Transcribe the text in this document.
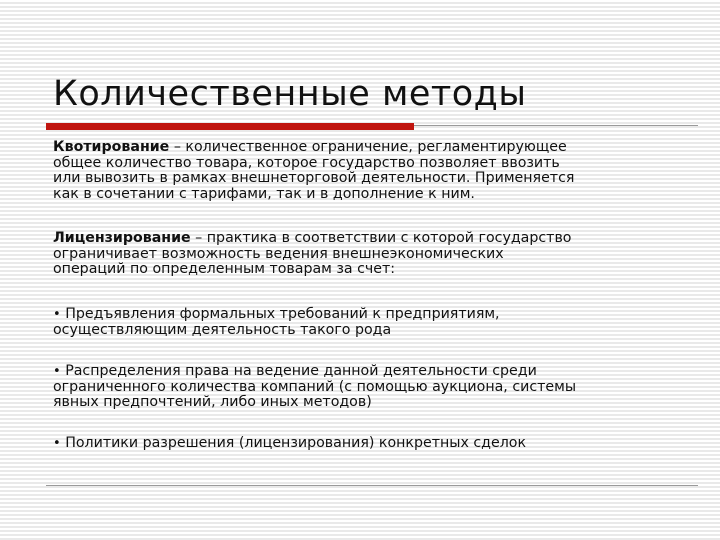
Количественные методы

Квотирование – количественное ограничение, регламентирующее
общее количество товара, которое государство позволяет ввозить
или вывозить в рамках внешнеторговой деятельности. Применяется
как в сочетании с тарифами, так и в дополнение к ним.

Лицензирование – практика в соответствии с которой государство
ограничивает возможность ведения внешнеэкономических
операций по определенным товарам за счет:

• Предъявления формальных требований к предприятиям,
осуществляющим деятельность такого рода

• Распределения права на ведение данной деятельности среди
ограниченного количества компаний (с помощью аукциона, системы
явных предпочтений, либо иных методов)

• Политики разрешения (лицензирования) конкретных сделок
